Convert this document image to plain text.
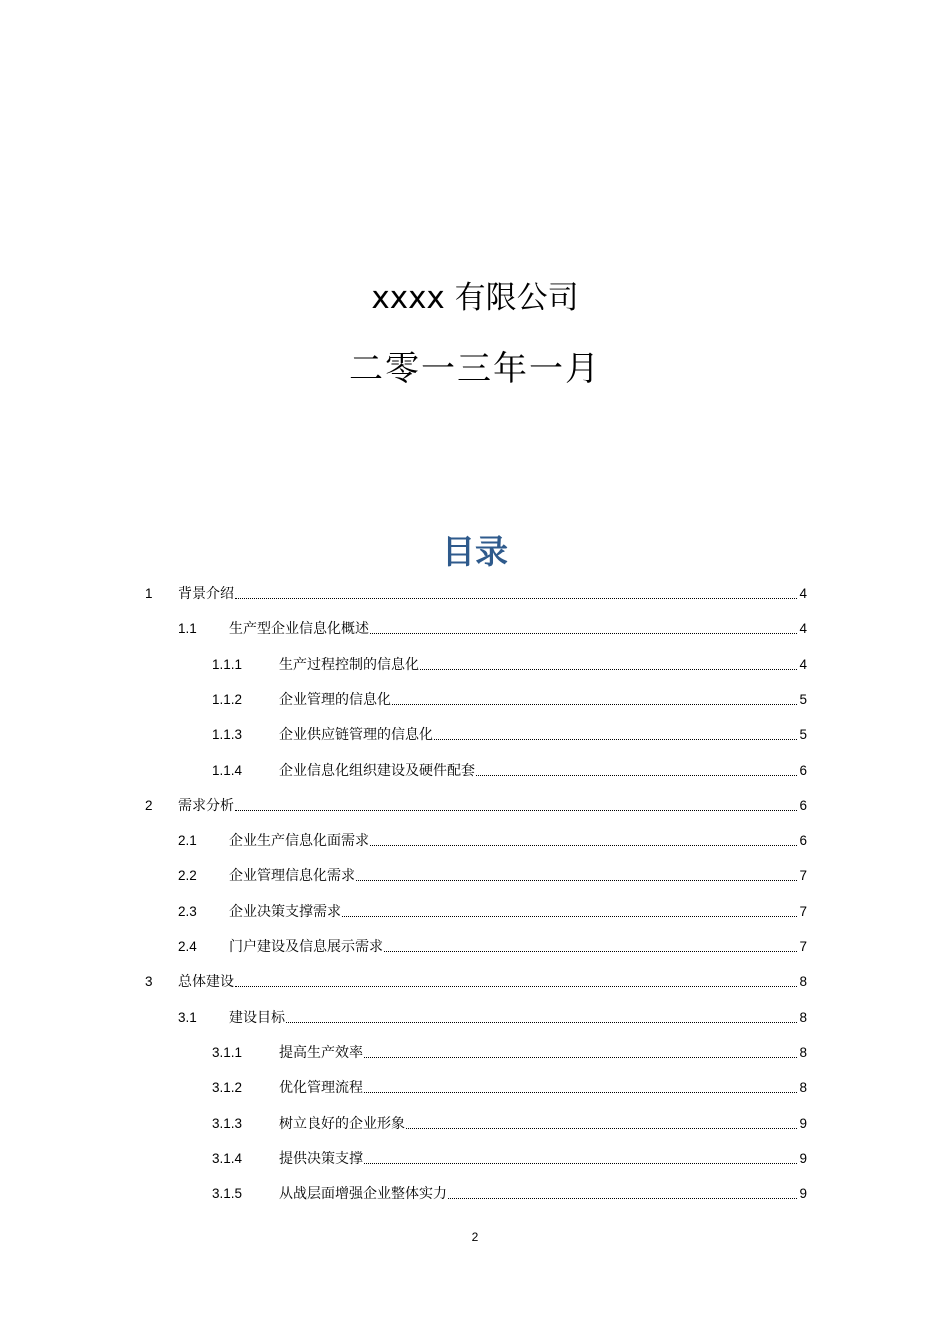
xxxx 有限公司
二零一三年一月
目录
1	背景介绍	4
1.1	生产型企业信息化概述	4
1.1.1	生产过程控制的信息化	4
1.1.2	企业管理的信息化	5
1.1.3	企业供应链管理的信息化	5
1.1.4	企业信息化组织建设及硬件配套	6
2	需求分析	6
2.1	企业生产信息化面需求	6
2.2	企业管理信息化需求	7
2.3	企业决策支撑需求	7
2.4	门户建设及信息展示需求	7
3	总体建设	8
3.1	建设目标	8
3.1.1	提高生产效率	8
3.1.2	优化管理流程	8
3.1.3	树立良好的企业形象	9
3.1.4	提供决策支撑	9
3.1.5	从战层面增强企业整体实力	9
2
